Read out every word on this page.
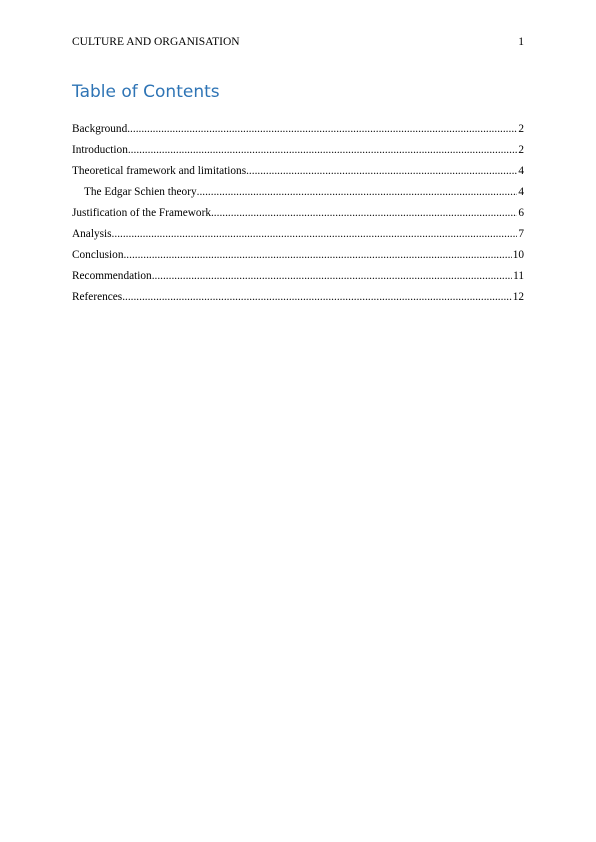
CULTURE AND ORGANISATION	1
Table of Contents
Background .....	2
Introduction .....	2
Theoretical framework and limitations .....	4
The Edgar Schien theory .....	4
Justification of the Framework .....	6
Analysis .....	7
Conclusion .....	10
Recommendation .....	11
References .....	12
